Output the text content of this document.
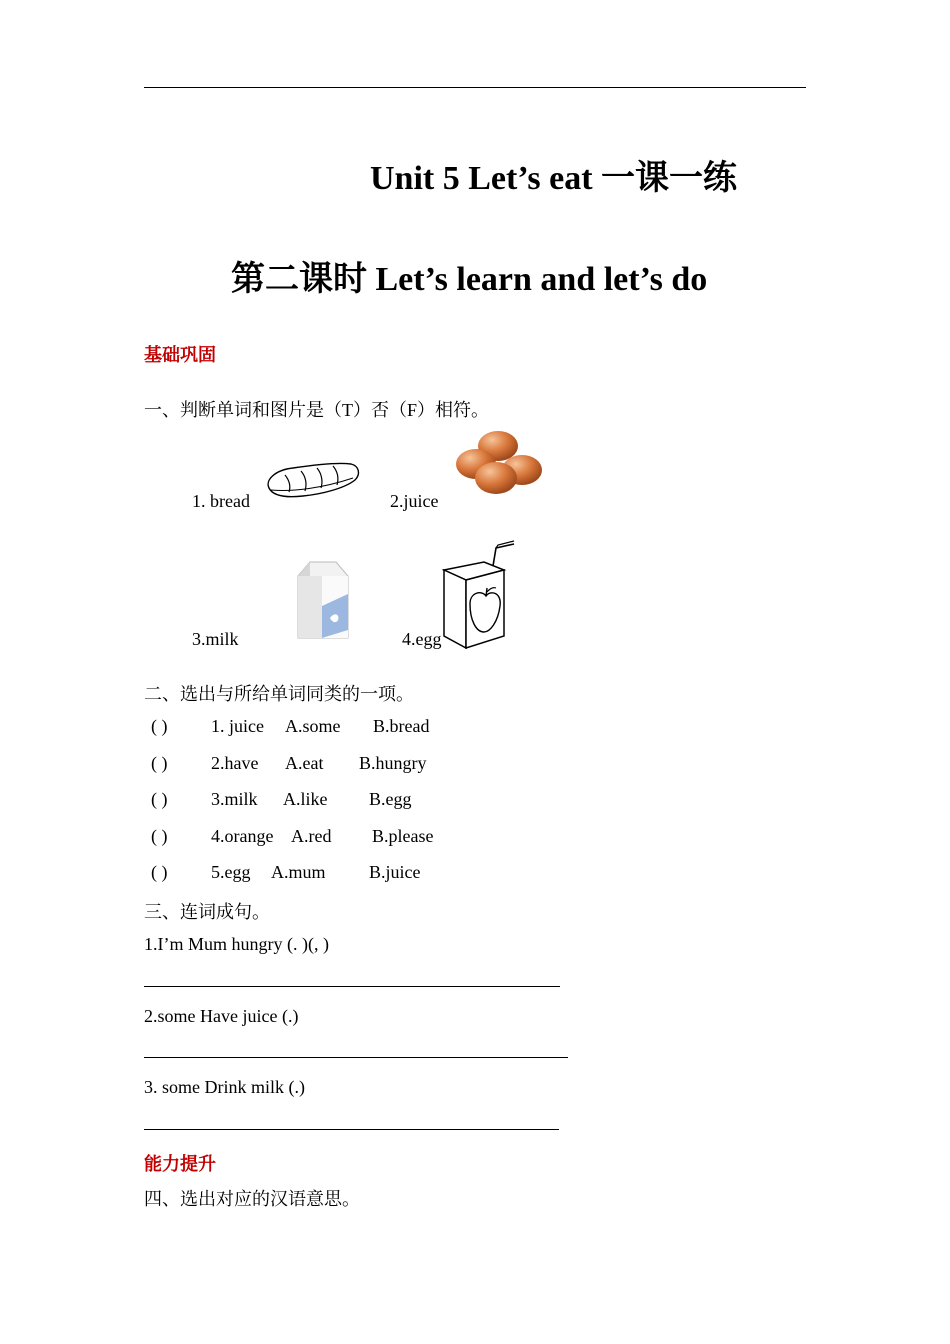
Unit 5 Let’s eat 一课一练
第二课时 Let’s learn and let’s do
基础巩固
一、判断单词和图片是（T）否（F）相符。
1. bread	2.juice
3.milk	4.egg
二、选出与所给单词同类的一项。
( ) 1. juice A.some B.bread
( ) 2.have A.eat B.hungry
( ) 3.milk A.like B.egg
( ) 4.orange A.red B.please
( ) 5.egg A.mum B.juice
三、连词成句。
1.I’m Mum hungry (. )(, )
2.some Have juice (.)
3. some Drink milk (.)
能力提升
四、选出对应的汉语意思。
